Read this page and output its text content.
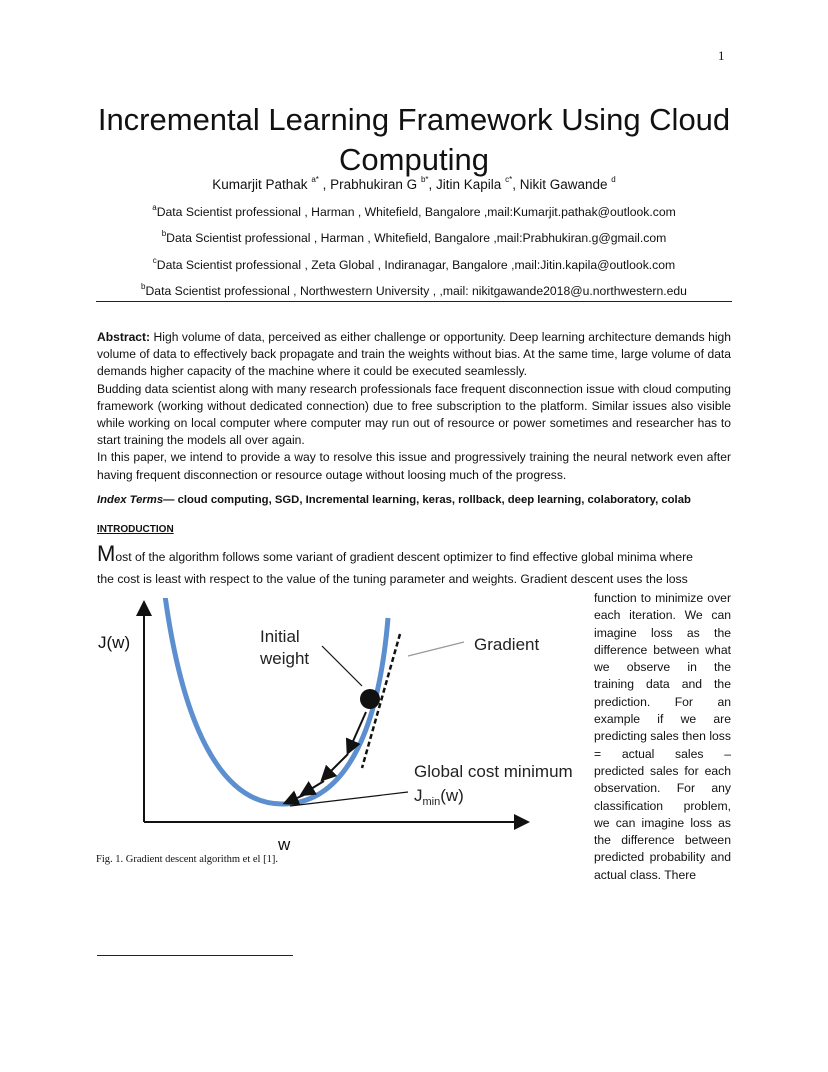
1
Incremental Learning Framework Using Cloud Computing
Kumarjit Pathak $^{a*}$ , Prabhukiran G $^{b*}$, Jitin Kapila $^{c*}$, Nikit Gawande $^d$
$^a$Data Scientist professional , Harman , Whitefield, Bangalore ,mail:Kumarjit.pathak@outlook.com
$^b$Data Scientist professional , Harman , Whitefield, Bangalore ,mail:Prabhukiran.g@gmail.com
$^c$Data Scientist professional , Zeta Global , Indiranagar, Bangalore ,mail:Jitin.kapila@outlook.com
$^b$Data Scientist professional , Northwestern University , ,mail: nikitgawande2018@u.northwestern.edu

Abstract: High volume of data, perceived as either challenge or opportunity. Deep learning architecture demands high volume of data to effectively back propagate and train the weights without bias. At the same time, large volume of data demands higher capacity of the machine where it could be executed seamlessly.

Budding data scientist along with many research professionals face frequent disconnection issue with cloud computing framework (working without dedicated connection) due to free subscription to the platform. Similar issues also visible while working on local computer where computer may run out of resource or power sometimes and researcher has to start training the models all over again.

In this paper, we intend to provide a way to resolve this issue and progressively training the neural network even after having frequent disconnection or resource outage without loosing much of the progress.

Index Terms— cloud computing, SGD, Incremental learning, keras, rollback, deep learning, colaboratory, colab
INTRODUCTION

Most of the algorithm follows some variant of gradient descent optimizer to find effective global minima where

the cost is least with respect to the value of the tuning parameter and weights. Gradient descent uses the loss

function to minimize over each iteration. We can imagine loss as the difference between what we observe in the training data and the prediction. For an example if we are predicting sales then loss = actual sales – predicted sales for each observation. For any classification problem, we can imagine loss as the difference between predicted probability and actual class. There

J(w)
w
Initial
weight
Gradient
Global cost minimum
$J_{min}(w)$
Fig. 1. Gradient descent algorithm et el [1].
